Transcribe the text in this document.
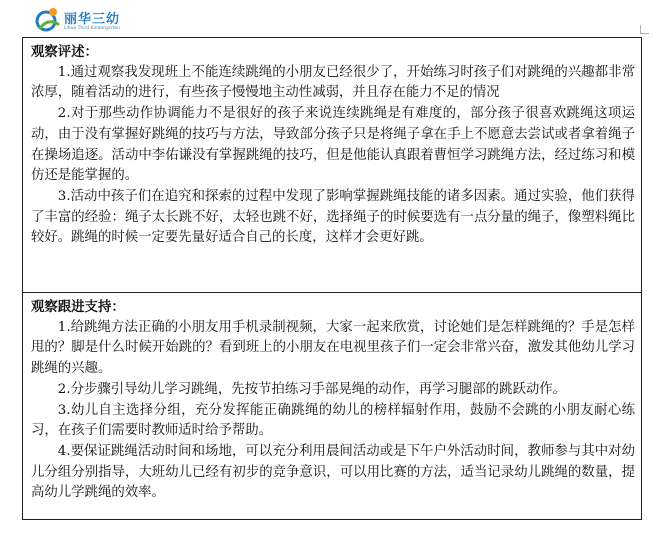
丽华三幼
Lihua Third Kindergarten

观察评述：

1.通过观察我发现班上不能连续跳绳的小朋友已经很少了，开始练习时孩子们对跳绳的兴趣都非常浓厚，随着活动的进行，有些孩子慢慢地主动性减弱，并且存在能力不足的情况

2.对于那些动作协调能力不是很好的孩子来说连续跳绳是有难度的，部分孩子很喜欢跳绳这项运动，由于没有掌握好跳绳的技巧与方法，导致部分孩子只是将绳子拿在手上不愿意去尝试或者拿着绳子在操场追逐。活动中李佑谦没有掌握跳绳的技巧，但是他能认真跟着曹恒学习跳绳方法，经过练习和模仿还是能掌握的。

3.活动中孩子们在追究和探索的过程中发现了影响掌握跳绳技能的诸多因素。通过实验，他们获得了丰富的经验：绳子太长跳不好，太轻也跳不好，选择绳子的时候要选有一点分量的绳子，像塑料绳比较好。跳绳的时候一定要先量好适合自己的长度，这样才会更好跳。

观察跟进支持：

1.给跳绳方法正确的小朋友用手机录制视频，大家一起来欣赏，讨论她们是怎样跳绳的？手是怎样甩的？脚是什么时候开始跳的？看到班上的小朋友在电视里孩子们一定会非常兴奋，激发其他幼儿学习跳绳的兴趣。

2.分步骤引导幼儿学习跳绳，先按节拍练习手部晃绳的动作，再学习腿部的跳跃动作。

3.幼儿自主选择分组，充分发挥能正确跳绳的幼儿的榜样辐射作用，鼓励不会跳的小朋友耐心练习，在孩子们需要时教师适时给予帮助。

4.要保证跳绳活动时间和场地，可以充分利用晨间活动或是下午户外活动时间，教师参与其中对幼儿分组分别指导，大班幼儿已经有初步的竞争意识，可以用比赛的方法，适当记录幼儿跳绳的数量，提高幼儿学跳绳的效率。
